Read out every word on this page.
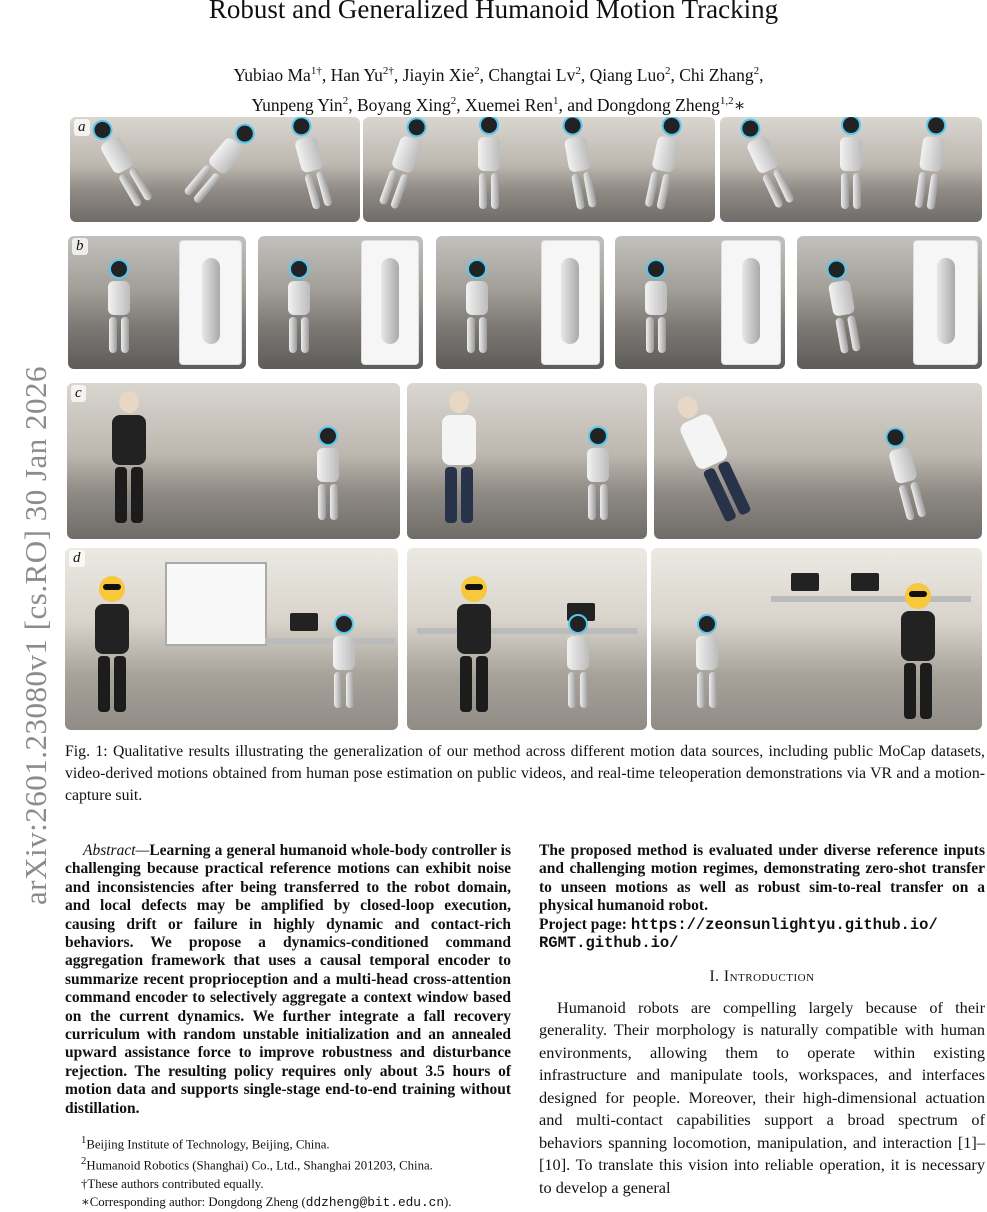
arXiv:2601.23080v1 [cs.RO] 30 Jan 2026
Robust and Generalized Humanoid Motion Tracking
Yubiao $Ma^{1\dagger}$, Han $Yu^{2\dagger}$, Jiayin Xie$^2$, Changtai Lv$^2$, Qiang Luo$^2$, Chi Zhang$^2$,
Yunpeng Yin$^2$, Boyang Xing$^2$, Xuemei Ren$^1$, and Dongdong Zheng$^{1,2}$∗
a
b
c
d
Fig. 1: Qualitative results illustrating the generalization of our method across different motion data sources, including public MoCap datasets, video-derived motions obtained from human pose estimation on public videos, and real-time teleoperation demonstrations via VR and a motion-capture suit.
Abstract—Learning a general humanoid whole-body controller is challenging because practical reference motions can exhibit noise and inconsistencies after being transferred to the robot domain, and local defects may be amplified by closed-loop execution, causing drift or failure in highly dynamic and contact-rich behaviors. We propose a dynamics-conditioned command aggregation framework that uses a causal temporal encoder to summarize recent proprioception and a multi-head cross-attention command encoder to selectively aggregate a context window based on the current dynamics. We further integrate a fall recovery curriculum with random unstable initialization and an annealed upward assistance force to improve robustness and disturbance rejection. The resulting policy requires only about 3.5 hours of motion data and supports single-stage end-to-end training without distillation.
The proposed method is evaluated under diverse reference inputs and challenging motion regimes, demonstrating zero-shot transfer to unseen motions as well as robust sim-to-real transfer on a physical humanoid robot.
Project page: https://zeonsunlightyu.github.io/
RGMT.github.io/
I. Introduction
Humanoid robots are compelling largely because of their generality. Their morphology is naturally compatible with human environments, allowing them to operate within existing infrastructure and manipulate tools, workspaces, and interfaces designed for people. Moreover, their high-dimensional actuation and multi-contact capabilities support a broad spectrum of behaviors spanning locomotion, manipulation, and interaction [1]–[10]. To translate this vision into reliable operation, it is necessary to develop a general
$^1$Beijing Institute of Technology, Beijing, China.
$^2$Humanoid Robotics (Shanghai) Co., Ltd., Shanghai 201203, China.
†These authors contributed equally.
∗Corresponding author: Dongdong Zheng (ddzheng@bit.edu.cn).
